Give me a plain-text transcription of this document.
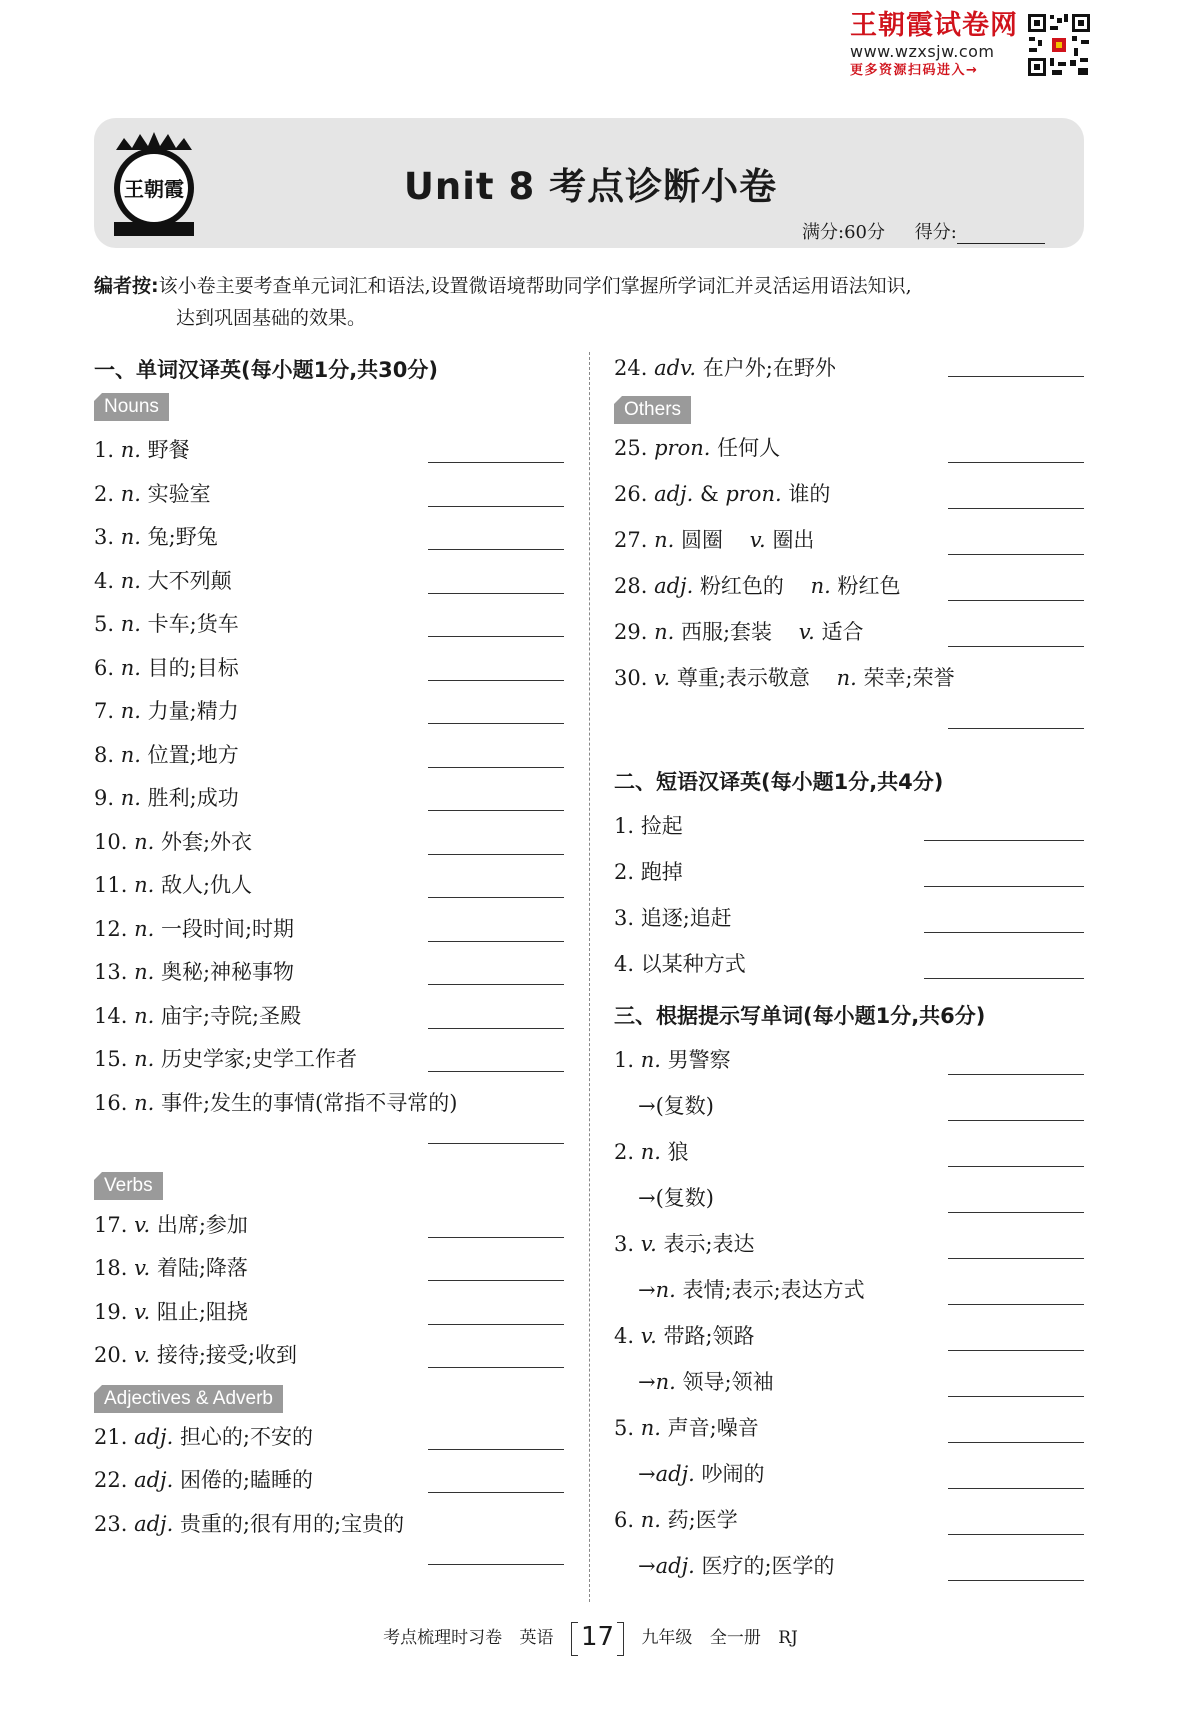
王朝霞试卷网
www.wzxsjw.com
更多资源扫码进入→
王朝霞	Unit 8 考点诊断小卷
满分:60分 得分:
编者按:该小卷主要考查单元词汇和语法,设置微语境帮助同学们掌握所学词汇并灵活运用语法知识,
达到巩固基础的效果。
一、单词汉译英(每小题1分,共30分)
Nouns
1. n. 野餐
2. n. 实验室
3. n. 兔;野兔
4. n. 大不列颠
5. n. 卡车;货车
6. n. 目的;目标
7. n. 力量;精力
8. n. 位置;地方
9. n. 胜利;成功
10. n. 外套;外衣
11. n. 敌人;仇人
12. n. 一段时间;时期
13. n. 奥秘;神秘事物
14. n. 庙宇;寺院;圣殿
15. n. 历史学家;史学工作者
16. n. 事件;发生的事情(常指不寻常的)
Verbs
17. v. 出席;参加
18. v. 着陆;降落
19. v. 阻止;阻挠
20. v. 接待;接受;收到
Adjectives & Adverb
21. adj. 担心的;不安的
22. adj. 困倦的;瞌睡的
23. adj. 贵重的;很有用的;宝贵的
24. adv. 在户外;在野外
Others
25. pron. 任何人
26. adj. & pron. 谁的
27. n. 圆圈 v. 圈出
28. adj. 粉红色的 n. 粉红色
29. n. 西服;套装 v. 适合
30. v. 尊重;表示敬意 n. 荣幸;荣誉
二、短语汉译英(每小题1分,共4分)
1. 捡起
2. 跑掉
3. 追逐;追赶
4. 以某种方式
三、根据提示写单词(每小题1分,共6分)
1. n. 男警察
→(复数)
2. n. 狼
→(复数)
3. v. 表示;表达
→n. 表情;表示;表达方式
4. v. 带路;领路
→n. 领导;领袖
5. n. 声音;噪音
→adj. 吵闹的
6. n. 药;医学
→adj. 医疗的;医学的
考点梳理时习卷 英语 17 九年级 全一册 RJ
